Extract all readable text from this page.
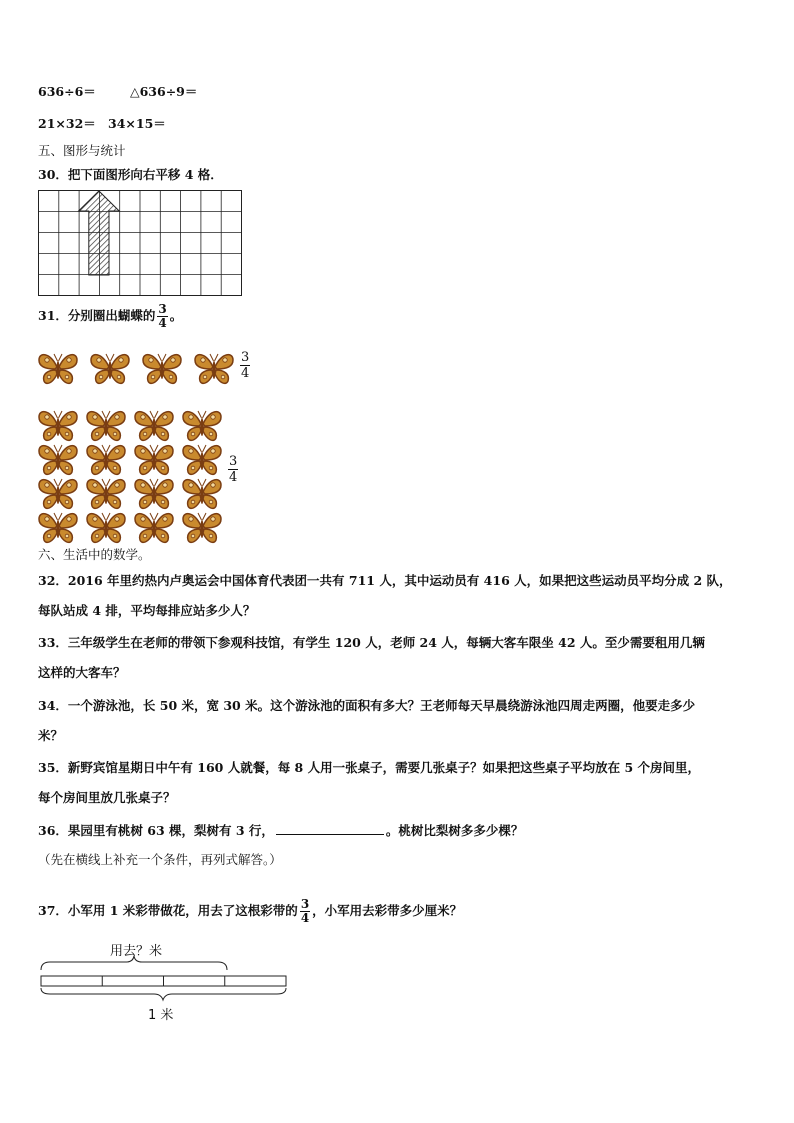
636÷6＝	△636÷9＝
21×32＝ 34×15＝
五、图形与统计
30．把下面图形向右平移 4 格．
31．分别圈出蝴蝶的 $\frac{3}{4}$ 。
$\frac{3}{4}$
$\frac{3}{4}$
六、生活中的数学。
32．2016 年里约热内卢奥运会中国体育代表团一共有 711 人，其中运动员有 416 人，如果把这些运动员平均分成 2 队，
每队站成 4 排，平均每排应站多少人？
33．三年级学生在老师的带领下参观科技馆，有学生 120 人，老师 24 人，每辆大客车限坐 42 人。至少需要租用几辆
这样的大客车？
34．一个游泳池，长 50 米，宽 30 米。这个游泳池的面积有多大？王老师每天早晨绕游泳池四周走两圈，他要走多少
米？
35．新野宾馆星期日中午有 160 人就餐，每 8 人用一张桌子，需要几张桌子？如果把这些桌子平均放在 5 个房间里，
每个房间里放几张桌子？
36．果园里有桃树 63 棵，梨树有 3 行，	。桃树比梨树多多少棵？
（先在横线上补充一个条件，再列式解答。）
37．小军用 1 米彩带做花，用去了这根彩带的 $\frac{3}{4}$ ，小军用去彩带多少厘米？
用去？米
1 米
